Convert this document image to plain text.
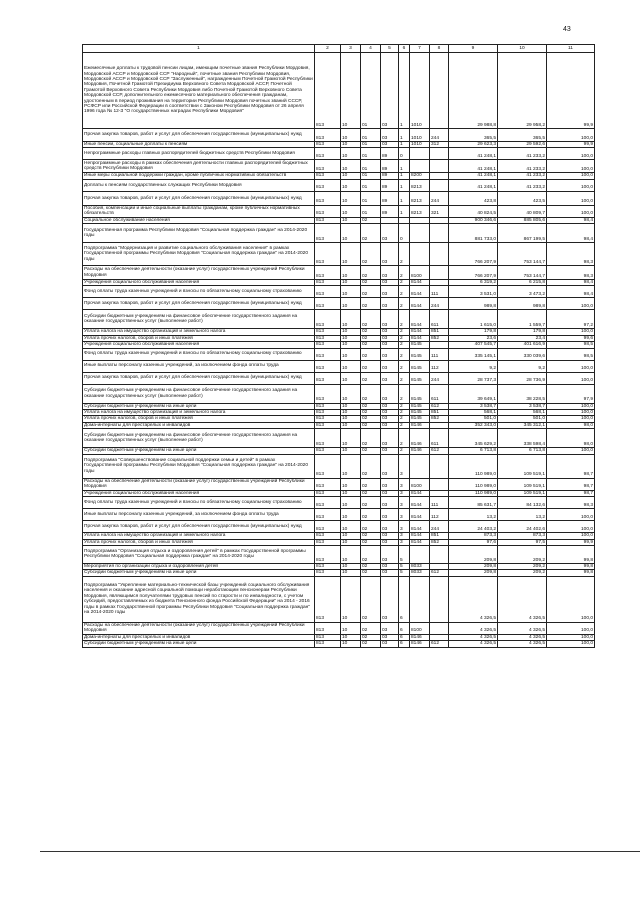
43
1	2	3	4	5	6	7	8	9	10	11
Ежемесячные доплаты к трудовой пенсии лицам, имеющим почетные звания Республики Мордовия, Мордовской АССР и Мордовской ССР "Народный", почетные звания Республики Мордовия, Мордовской АССР и Мордовской ССР "Заслуженный", награжденным Почетной Грамотой Республики Мордовия, Почетной Грамотой Президиума Верховного Совета Мордовской АССР, Почетной Грамотой Верховного Совета Республики Мордовия либо Почетной Грамотой Верховного Совета Мордовской ССР, дополнительного ежемесячного материального обеспечения гражданам, удостоенным в период проживания на территории Республики Мордовия почетных званий СССР, РСФСР или Российской Федерации в соответствии с Законом Республики Мордовия от 26 апреля 1996 года № 12-З "О государственных наградах Республики Мордовия"	813	10	01	03	1	1010		29 988,8	29 958,2	99,9
Прочая закупка товаров, работ и услуг для обеспечения государственных (муниципальных) нужд	813	10	01	03	1	1010	244	365,5	365,5	100,0
Иные пенсии, социальные доплаты к пенсиям	813	10	01	03	1	1010	312	29 623,3	29 592,6	99,9
Непрограммные расходы главных распорядителей бюджетных средств Республики Мордовия	813	10	01	89	0			41 248,1	41 233,2	100,0
Непрограммные расходы в рамках обеспечения деятельности главных распорядителей бюджетных средств Республики Мордовия	813	10	01	89	1			41 248,1	41 233,2	100,0
Иные меры социальной поддержки граждан, кроме публичных нормативных обязательств	813	10	01	89	1	8200		41 248,1	41 233,2	100,0
Доплаты к пенсиям государственных служащих Республики Мордовия	813	10	01	89	1	8213		41 248,1	41 233,2	100,0
Прочая закупка товаров, работ и услуг для обеспечения государственных (муниципальных) нужд	813	10	01	89	1	8213	244	423,8	423,5	100,0
Пособия, компенсации и иные социальные выплаты гражданам, кроме публичных нормативных обязательств	813	10	01	89	1	8213	321	40 824,5	40 809,7	100,0
Социальное обслуживание населения	813	10	02					900 346,6	885 805,6	98,4
Государственная программа Республики Мордовия "Социальная поддержка граждан" на 2014-2020 годы	813	10	02	03	0			881 733,0	867 199,5	98,4
Подпрограмма "Модернизация и развитие социального обслуживания населения" в рамках Государственной программы Республики Мордовия "Социальная поддержка граждан" на 2014-2020 годы	813	10	02	03	2			766 207,9	753 144,7	98,3
Расходы на обеспечение деятельности (оказание услуг) государственных учреждений Республики Мордовия	813	10	02	03	2	8100		766 207,9	753 144,7	98,3
Учреждения социального обслуживания населения	813	10	02	03	2	8144		6 319,2	6 215,8	98,4
Фонд оплаты труда казенных учреждений и взносы по обязательному социальному страхованию	813	10	02	03	2	8144	111	3 531,0	3 473,2	98,4
Прочая закупка товаров, работ и услуг для обеспечения государственных (муниципальных) нужд	813	10	02	03	2	8144	244	989,8	989,8	100,0
Субсидии бюджетным учреждениям на финансовое обеспечение государственного задания на оказание государственных услуг (выполнение работ)	813	10	02	03	2	8144	611	1 615,0	1 559,7	97,2
Уплата налога на имущество организаций и земельного налога	813	10	02	03	2	8144	851	179,8	179,8	100,0
Уплата прочих налогов, сборов и иных платежей	813	10	02	03	2	8144	852	23,6	23,4	99,6
Учреждения социального обслуживания населения	813	10	02	03	2	8145		407 545,7	401 616,9	98,5
Фонд оплаты труда казенных учреждений и взносы по обязательному социальному страхованию	813	10	02	03	2	8145	111	335 145,1	330 039,6	98,5
Иные выплаты персоналу казенных учреждений, за исключением фонда оплаты труда	813	10	02	03	2	8145	112	9,2	9,2	100,0
Прочая закупка товаров, работ и услуг для обеспечения государственных (муниципальных) нужд	813	10	02	03	2	8145	244	28 737,3	28 736,9	100,0
Субсидии бюджетным учреждениям на финансовое обеспечение государственного задания на оказание государственных услуг (выполнение работ)	813	10	02	03	2	8145	611	39 649,1	38 228,5	97,9
Субсидии бюджетным учреждениям на иные цели	813	10	02	03	2	8145	612	3 538,7	3 538,7	100,0
Уплата налога на имущество организаций и земельного налога	813	10	02	03	2	8145	851	568,1	568,1	100,0
Уплата прочих налогов, сборов и иных платежей	813	10	02	03	2	8145	852	501,0	501,0	100,0
Дома-интернаты для престарелых и инвалидов	813	10	02	03	2	8146		352 343,0	345 312,1	98,0
Субсидии бюджетным учреждениям на финансовое обеспечение государственного задания на оказание государственных услуг (выполнение работ)	813	10	02	03	2	8146	611	345 629,2	338 598,4	98,0
Субсидии бюджетным учреждениям на иные цели	813	10	02	03	2	8146	612	6 713,8	6 713,8	100,0
Подпрограмма "Совершенствование социальной поддержки семьи и детей" в рамках Государственной программы Республики Мордовия "Социальная поддержка граждан" на 2014-2020 годы	813	10	02	03	3			110 989,0	109 519,1	98,7
Расходы на обеспечение деятельности (оказание услуг) государственных учреждений Республики Мордовия	813	10	02	03	3	8100		110 989,0	109 519,1	98,7
Учреждения социального обслуживания населения	813	10	02	03	3	8144		110 989,0	109 519,1	98,7
Фонд оплаты труда казенных учреждений и взносы по обязательному социальному страхованию	813	10	02	03	3	8144	111	85 631,7	84 132,6	98,3
Иные выплаты персоналу казенных учреждений, за исключением фонда оплаты труда	813	10	02	03	3	8144	112	13,2	13,2	100,0
Прочая закупка товаров, работ и услуг для обеспечения государственных (муниципальных) нужд	813	10	02	03	3	8144	244	24 403,2	24 402,6	100,0
Уплата налога на имущество организаций и земельного налога	813	10	02	03	3	8144	851	873,3	873,3	100,0
Уплата прочих налогов, сборов и иных платежей	813	10	02	03	3	8144	852	97,6	97,5	99,9
Подпрограмма "Организация отдыха и оздоровления детей" в рамках Государственной программы Республики Мордовия "Социальная поддержка граждан" на 2014-2020 годы	813	10	02	03	5			209,8	209,2	99,8
Мероприятия по организации отдыха и оздоровления детей	813	10	02	03	5	8033		209,8	209,2	99,8
Субсидии бюджетным учреждениям на иные цели	813	10	02	03	5	8033	612	209,8	209,2	99,8
Подпрограмма "Укрепление материально-технической базы учреждений социального обслуживания населения и оказание адресной социальной помощи неработающим пенсионерам Республики Мордовия, являющимся получателями трудовых пенсий по старости и по инвалидности, с учетом субсидий, предоставляемых из бюджета Пенсионного фонда Российской Федерации" на 2014 - 2016 годы в рамках Государственной программы Республики Мордовия "Социальная поддержка граждан" на 2014-2020 годы	813	10	02	03	6			4 326,5	4 326,5	100,0
Расходы на обеспечение деятельности (оказание услуг) государственных учреждений Республики Мордовия	813	10	02	03	6	8100		4 326,5	4 326,5	100,0
Дома-интернаты для престарелых и инвалидов	813	10	02	03	6	8146		4 326,5	4 326,5	100,0
Субсидии бюджетным учреждениям на иные цели	813	10	02	03	6	8146	612	4 326,5	4 326,5	100,0
